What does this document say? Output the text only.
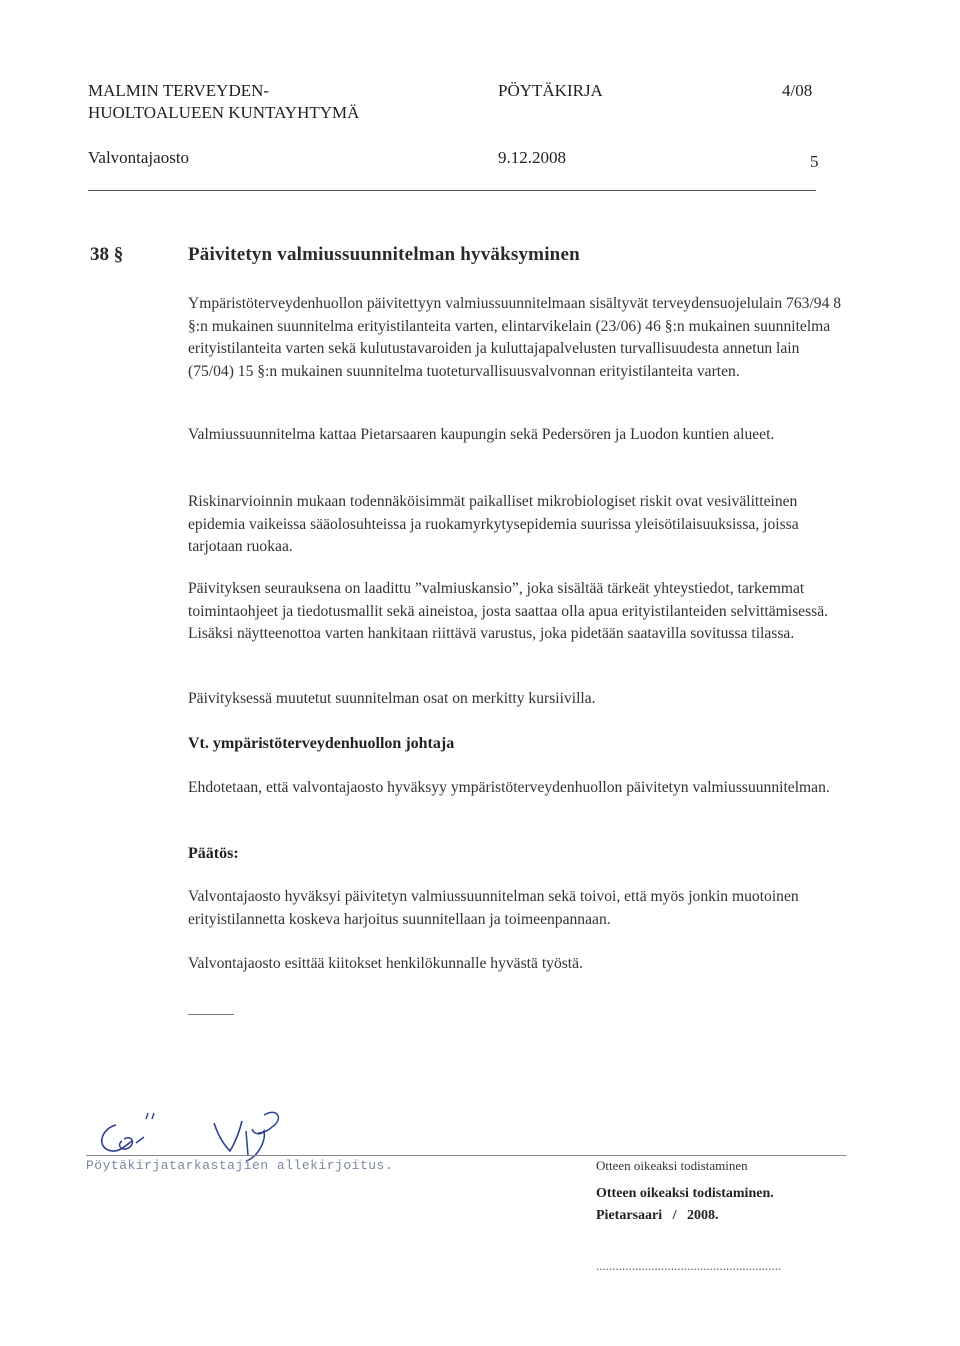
MALMIN TERVEYDEN-
HUOLTOALUEEN KUNTAYHTYMÄ
PÖYTÄKIRJA	4/08
Valvontajaosto	9.12.2008	5
38 §	Päivitetyn valmiussuunnitelman hyväksyminen
Ympäristöterveydenhuollon päivitettyyn valmiussuunnitelmaan sisältyvät terveydensuojelulain 763/94 8 §:n mukainen suunnitelma erityistilanteita varten, elintarvikelain (23/06) 46 §:n mukainen suunnitelma erityistilanteita varten sekä kulutustavaroiden ja kuluttajapalvelusten turvallisuudesta annetun lain (75/04) 15 §:n mukainen suunnitelma tuoteturvallisuusvalvonnan erityistilanteita varten.
Valmiussuunnitelma kattaa Pietarsaaren kaupungin sekä Pedersören ja Luodon kuntien alueet.
Riskinarvioinnin mukaan todennäköisimmät paikalliset mikrobiologiset riskit ovat vesivälitteinen epidemia vaikeissa sääolosuhteissa ja ruokamyrkytysepidemia suurissa yleisötilaisuuksissa, joissa tarjotaan ruokaa.
Päivityksen seurauksena on laadittu ”valmiuskansio”, joka sisältää tärkeät yhteystiedot, tarkemmat toimintaohjeet ja tiedotusmallit sekä aineistoa, josta saattaa olla apua erityistilanteiden selvittämisessä. Lisäksi näytteenottoa varten hankitaan riittävä varustus, joka pidetään saatavilla sovitussa tilassa.
Päivityksessä muutetut suunnitelman osat on merkitty kursiivilla.
Vt. ympäristöterveydenhuollon johtaja
Ehdotetaan, että valvontajaosto hyväksyy ympäristöterveydenhuollon päivitetyn valmiussuunnitelman.
Päätös:
Valvontajaosto hyväksyi päivitetyn valmiussuunnitelman sekä toivoi, että myös jonkin muotoinen erityistilannetta koskeva harjoitus suunnitellaan ja toimeenpannaan.
Valvontajaosto esittää kiitokset henkilökunnalle hyvästä työstä.
Pöytäkirjatarkastajien allekirjoitus.	Otteen oikeaksi todistaminen
Otteen oikeaksi todistaminen.
Pietarsaari   /   2008.
.........................................................
